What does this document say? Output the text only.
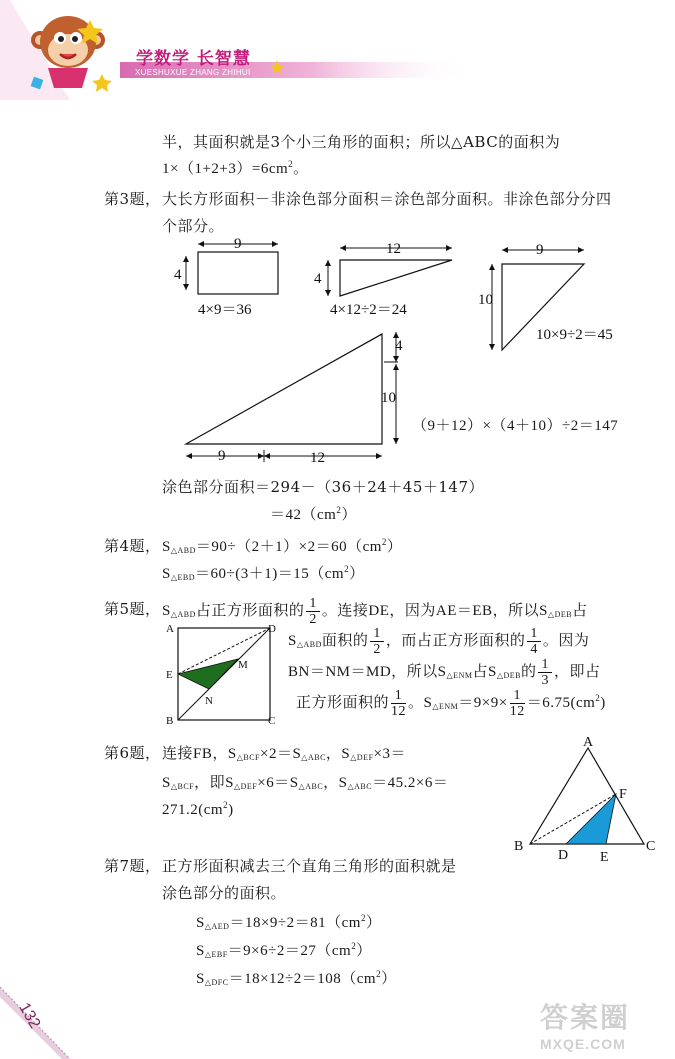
学数学 长智慧
XUESHUXUE ZHANG ZHIHUI
半，其面积就是3个小三角形的面积；所以△ABC的面积为
$1\times(1+2+3)=6cm^2$。
第3题， 大长方形面积－非涂色部分面积＝涂色部分面积。非涂色部分分四
个部分。
9
4
4×9＝36
12
4
4×12÷2＝24
9
10
10×9÷2＝45
4
10
9	12
（9＋12）×（4＋10）÷2＝147
涂色部分面积＝294－（36＋24＋45＋147）
$=42(cm^2)$
第4题， $S_{\triangle ABD}=90\div(2+1)\times 2=60(cm^2)$
$S_{\triangle EBD}=60\div(3+1)=15(cm^2)$
第5题， $S_{\triangle ABD}$占正方形面积的 $\frac{1}{2}$ 。连接DE，因为AE＝EB，所以$S_{\triangle DEB}$占
$S_{\triangle ABD}$面积的 $\frac{1}{2}$ ，而占正方形面积的 $\frac{1}{4}$ 。因为
BN＝NM＝MD，所以$S_{\triangle ENM}$占$S_{\triangle DEB}$的 $\frac{1}{3}$ ，即占
正方形面积的 $\frac{1}{12}$ 。$S_{\triangle ENM}=9\times 9\times \frac{1}{12} =6.75(cm^2)$
A	D
E
M
N
B	C
第6题， 连接FB，$S_{\triangle BCF}\times 2=S_{\triangle ABC}$，$S_{\triangle DEF}\times 3=$
$S_{\triangle BCF}$，即$S_{\triangle DEF}\times 6=S_{\triangle ABC}$，$S_{\triangle ABC}=45.2\times 6=$
$271.2(cm^2)$
A
F
B	C
D E
第7题， 正方形面积减去三个直角三角形的面积就是
涂色部分的面积。
$S_{\triangle AED}=18\times 9\div 2=81(cm^2)$
$S_{\triangle EBF}=9\times 6\div 2=27(cm^2)$
$S_{\triangle DFC}=18\times 12\div 2=108(cm^2)$
132	答案圈
MXQE.COM
